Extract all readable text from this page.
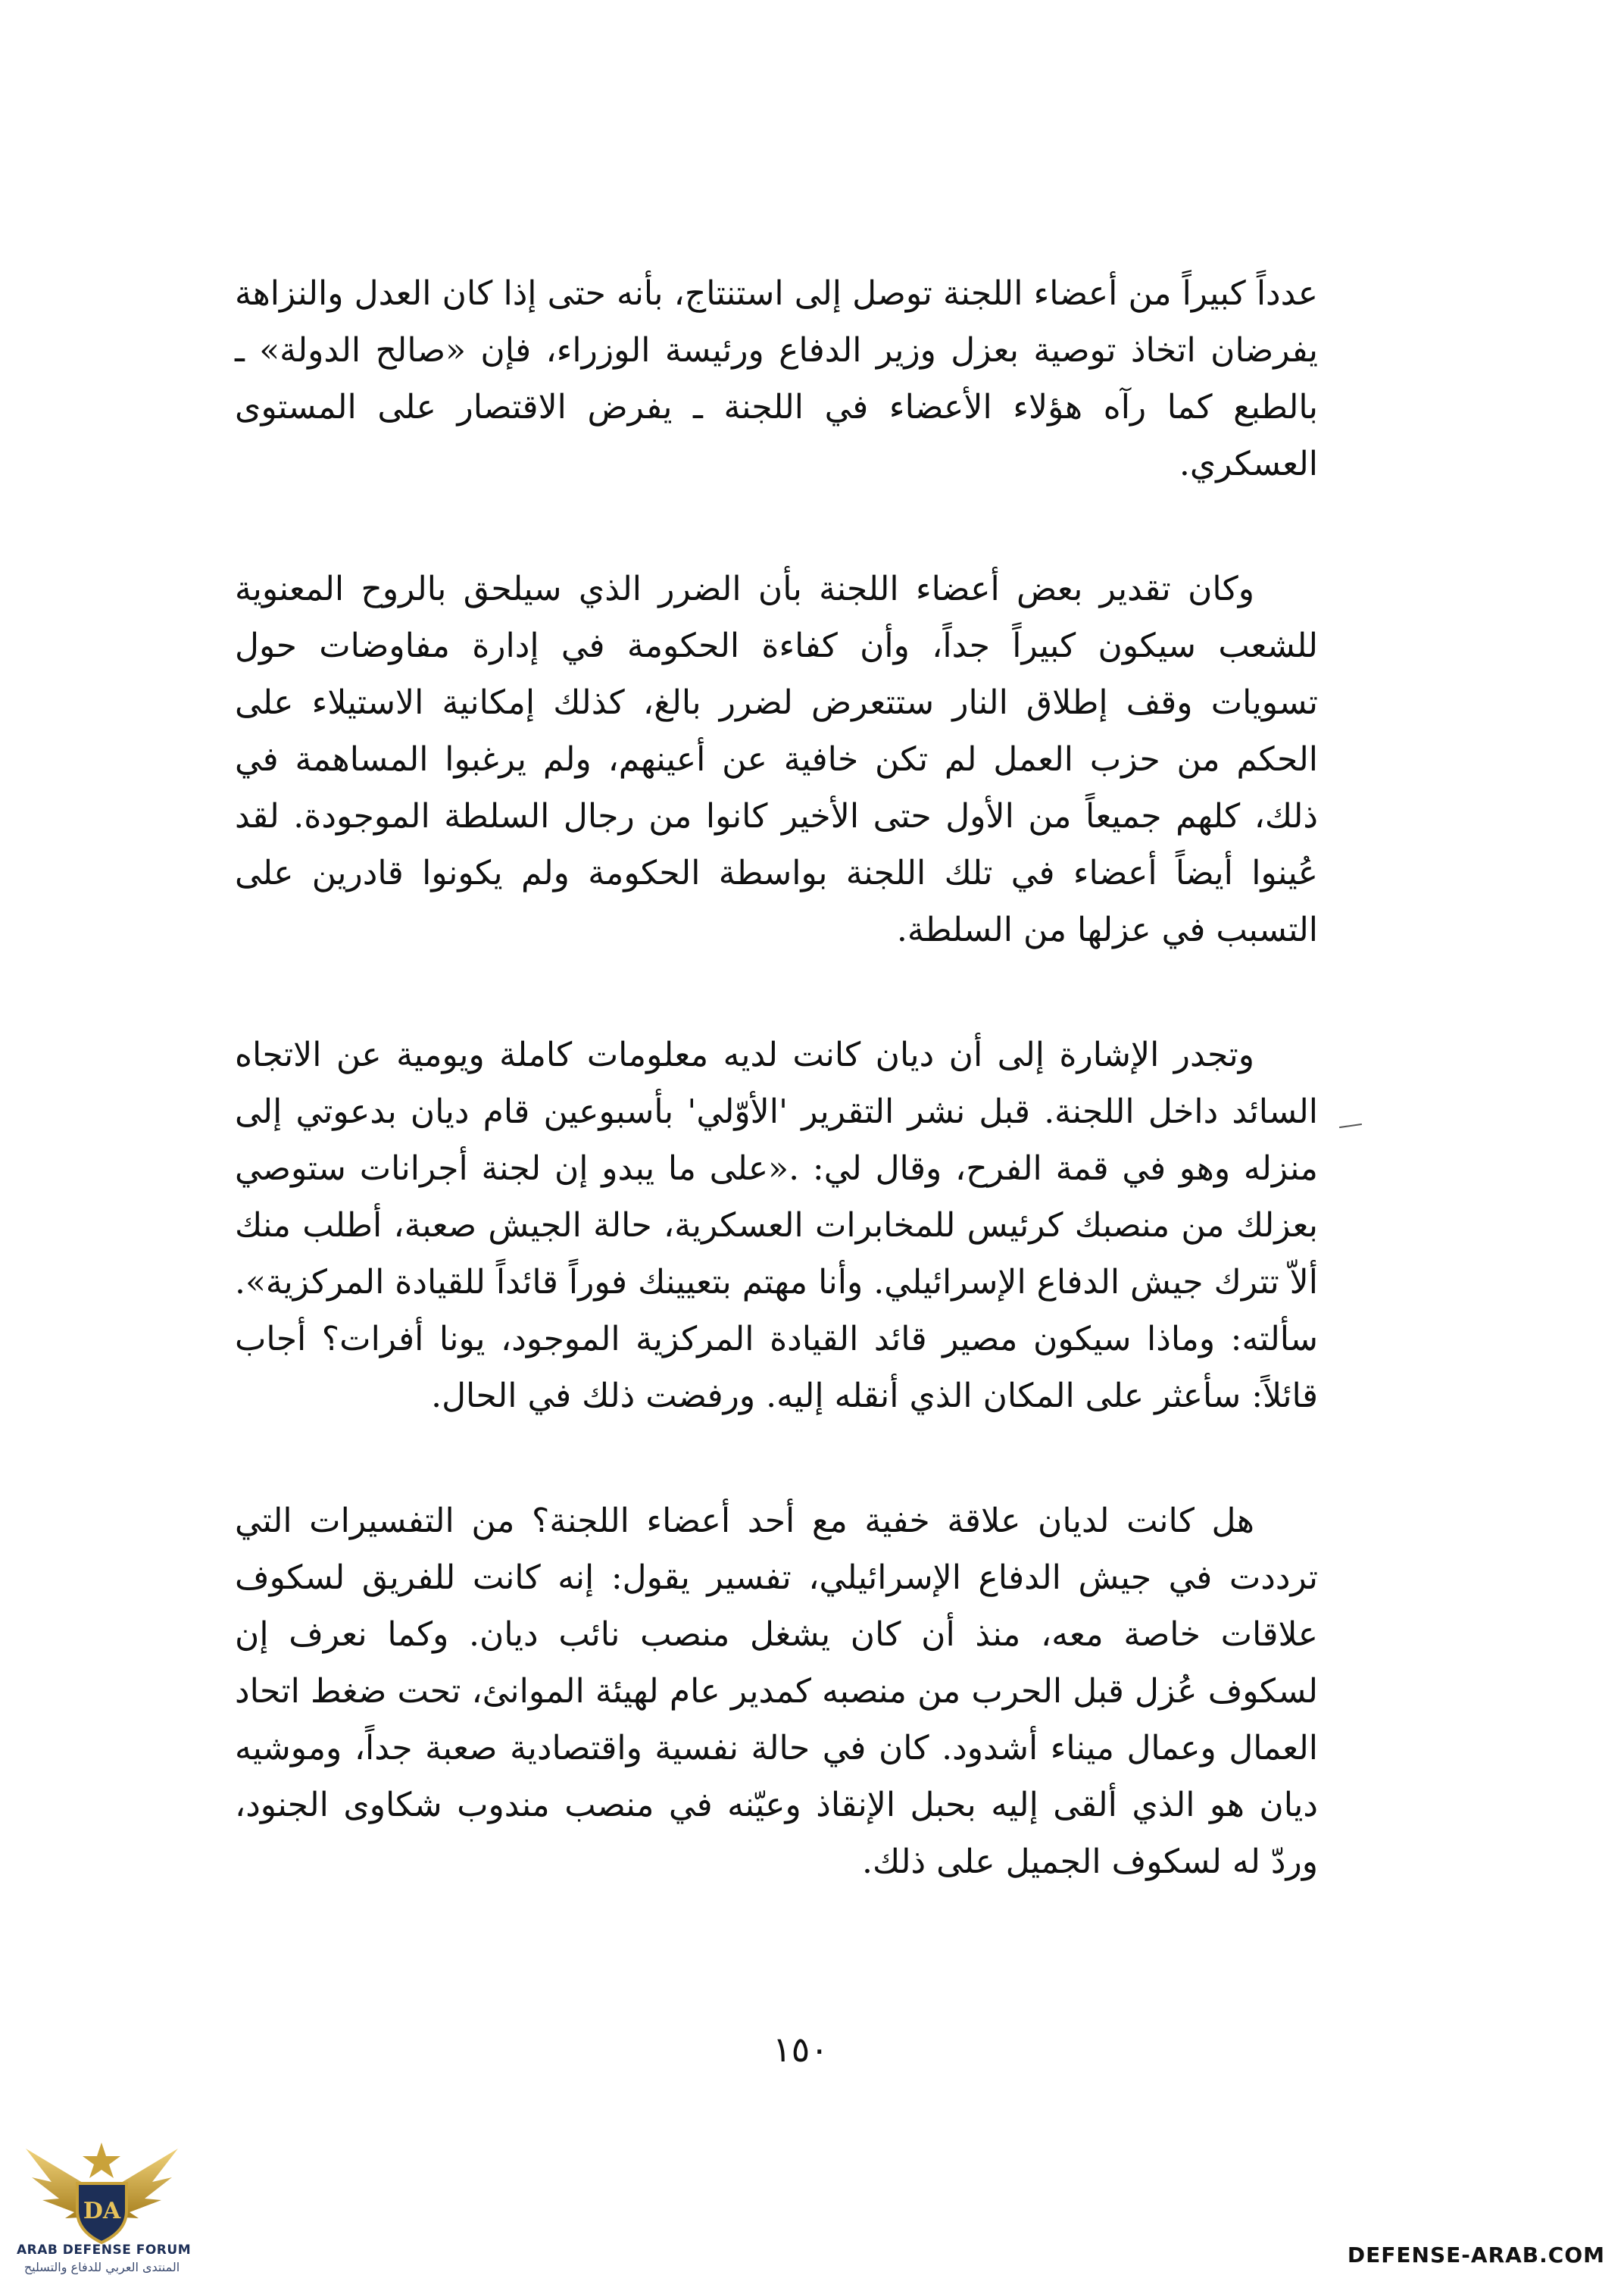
عدداً كبيراً من أعضاء اللجنة توصل إلى استنتاج، بأنه حتى إذا كان العدل والنزاهة يفرضان اتخاذ توصية بعزل وزير الدفاع ورئيسة الوزراء، فإن «صالح الدولة» ـ بالطبع كما رآه هؤلاء الأعضاء في اللجنة ـ يفرض الاقتصار على المستوى العسكري.

وكان تقدير بعض أعضاء اللجنة بأن الضرر الذي سيلحق بالروح المعنوية للشعب سيكون كبيراً جداً، وأن كفاءة الحكومة في إدارة مفاوضات حول تسويات وقف إطلاق النار ستتعرض لضرر بالغ، كذلك إمكانية الاستيلاء على الحكم من حزب العمل لم تكن خافية عن أعينهم، ولم يرغبوا المساهمة في ذلك، كلهم جميعاً من الأول حتى الأخير كانوا من رجال السلطة الموجودة. لقد عُينوا أيضاً أعضاء في تلك اللجنة بواسطة الحكومة ولم يكونوا قادرين على التسبب في عزلها من السلطة.

وتجدر الإشارة إلى أن ديان كانت لديه معلومات كاملة ويومية عن الاتجاه السائد داخل اللجنة. قبل نشر التقرير 'الأوّلي' بأسبوعين قام ديان بدعوتي إلى منزله وهو في قمة الفرح، وقال لي: .«على ما يبدو إن لجنة أجرانات ستوصي بعزلك من منصبك كرئيس للمخابرات العسكرية، حالة الجيش صعبة، أطلب منك ألاّ تترك جيش الدفاع الإسرائيلي. وأنا مهتم بتعيينك فوراً قائداً للقيادة المركزية». سألته: وماذا سيكون مصير قائد القيادة المركزية الموجود، يونا أفرات؟ أجاب قائلاً: سأعثر على المكان الذي أنقله إليه. ورفضت ذلك في الحال.

هل كانت لديان علاقة خفية مع أحد أعضاء اللجنة؟ من التفسيرات التي ترددت في جيش الدفاع الإسرائيلي، تفسير يقول: إنه كانت للفريق لسكوف علاقات خاصة معه، منذ أن كان يشغل منصب نائب ديان. وكما نعرف إن لسكوف عُزل قبل الحرب من منصبه كمدير عام لهيئة الموانئ، تحت ضغط اتحاد العمال وعمال ميناء أشدود. كان في حالة نفسية واقتصادية صعبة جداً، وموشيه ديان هو الذي ألقى إليه بحبل الإنقاذ وعيّنه في منصب مندوب شكاوى الجنود، وردّ له لسكوف الجميل على ذلك.

١٥٠
DA
ARAB DEFENSE FORUM
المنتدى العربي للدفاع والتسليح	DEFENSE-ARAB.COM
